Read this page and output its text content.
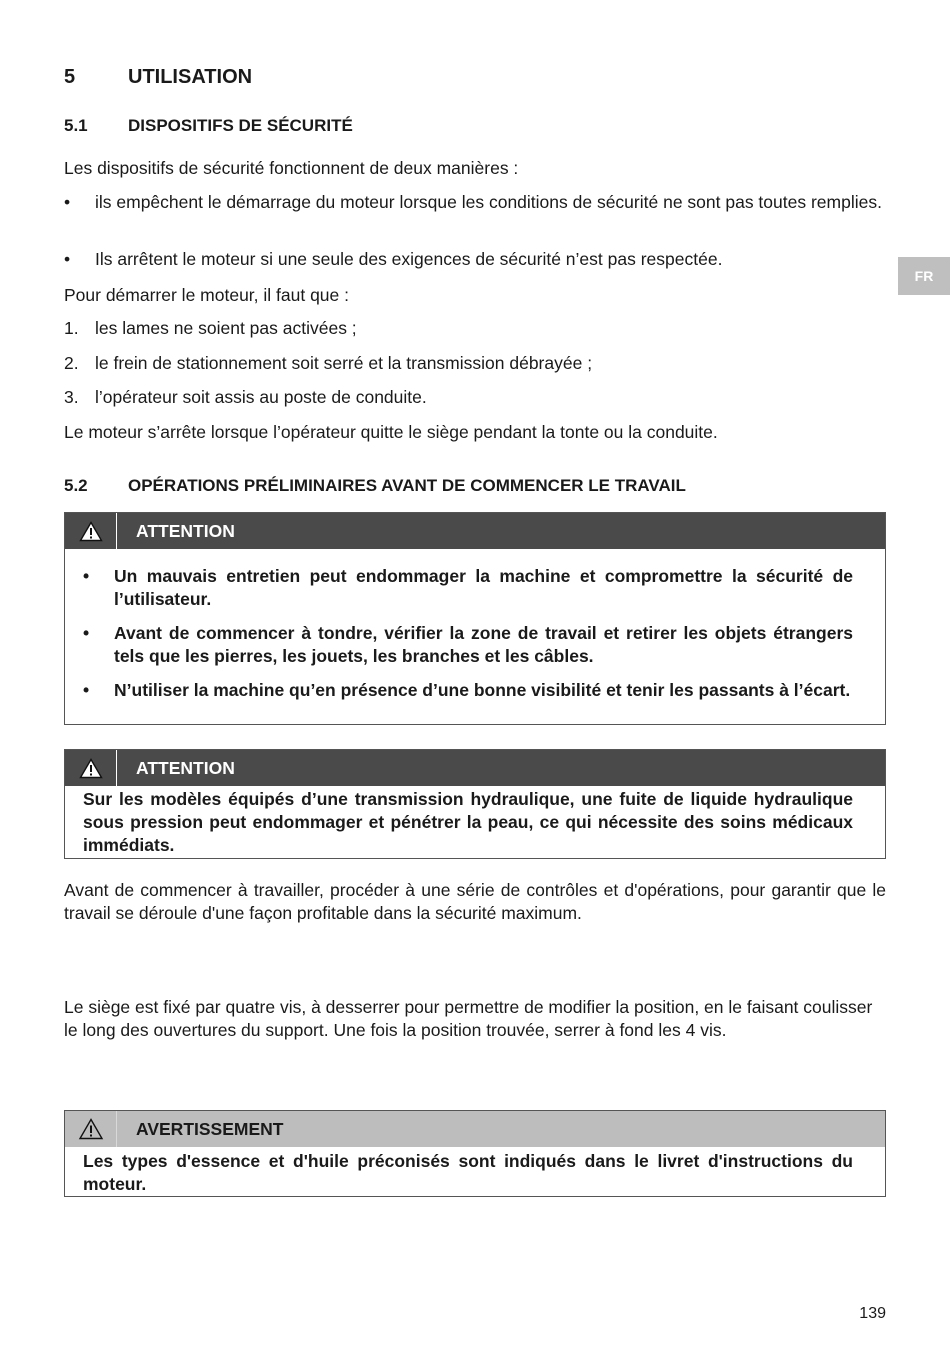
5	UTILISATION
5.1 DISPOSITIFS DE SÉCURITÉ
Les dispositifs de sécurité fonctionnent de deux manières :
• ils empêchent le démarrage du moteur lorsque les conditions de sécurité ne sont pas toutes remplies.
• Ils arrêtent le moteur si une seule des exigences de sécurité n’est pas respectée.
Pour démarrer le moteur, il faut que :
1. les lames ne soient pas activées ;
2. le frein de stationnement soit serré et la transmission débrayée ;
3. l’opérateur soit assis au poste de conduite.
Le moteur s’arrête lorsque l’opérateur quitte le siège pendant la tonte ou la conduite.
5.2 OPÉRATIONS PRÉLIMINAIRES AVANT DE COMMENCER LE TRAVAIL
ATTENTION
• Un mauvais entretien peut endommager la machine et compromettre la sécurité de l’utilisateur.
• Avant de commencer à tondre, vérifier la zone de travail et retirer les objets étrangers tels que les pierres, les jouets, les branches et les câbles.
• N’utiliser la machine qu’en présence d’une bonne visibilité et tenir les passants à l’écart.
ATTENTION
Sur les modèles équipés d’une transmission hydraulique, une fuite de liquide hydraulique sous pression peut endommager et pénétrer la peau, ce qui nécessite des soins médicaux immédiats.
Avant de commencer à travailler, procéder à une série de contrôles et d'opérations, pour garantir que le travail se déroule d'une façon profitable dans la sécurité maximum.
Le siège est fixé par quatre vis, à desserrer pour permettre de modifier la position, en le faisant coulisser le long des ouvertures du support. Une fois la position trouvée, serrer à fond les 4 vis.
AVERTISSEMENT
Les types d'essence et d'huile préconisés sont indiqués dans le livret d'instructions du moteur.
FR
139
